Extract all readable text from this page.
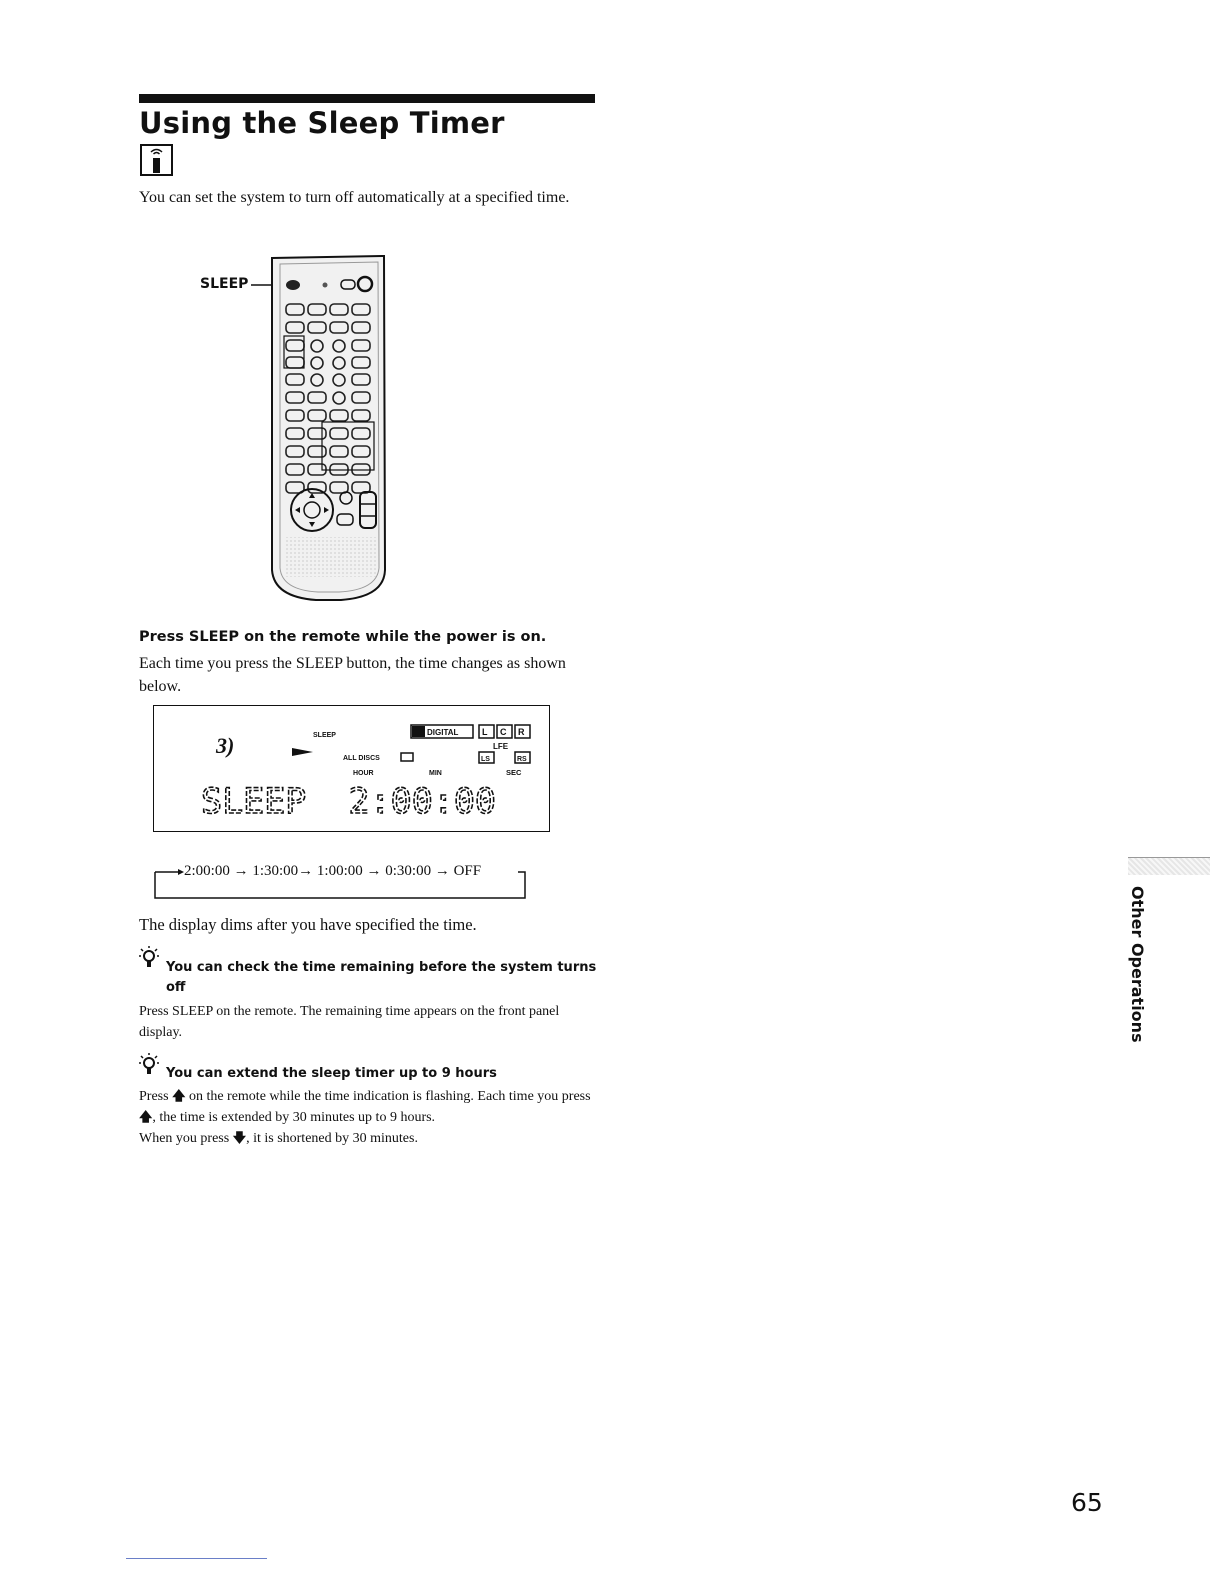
Using the Sleep Timer
You can set the system to turn off automatically at a specified time.
SLEEP
Press SLEEP on the remote while the power is on.
Each time you press the SLEEP button, the time changes as shown below.
3)	SLEEP	DIGITAL	L C R
LFE
ALL DISCS	LS	RS
HOUR	MIN	SEC
SLEEP  2:00:00
2:00:00 → 1:30:00→ 1:00:00 → 0:30:00 → OFF
The display dims after you have specified the time.
You can check the time remaining before the system turns
off
Press SLEEP on the remote. The remaining time appears on the front panel display.
You can extend the sleep timer up to 9 hours
Press 🡅 on the remote while the time indication is flashing. Each time you press 🡅, the time is extended by 30 minutes up to 9 hours.
When you press 🡇, it is shortened by 30 minutes.
Other Operations
65
